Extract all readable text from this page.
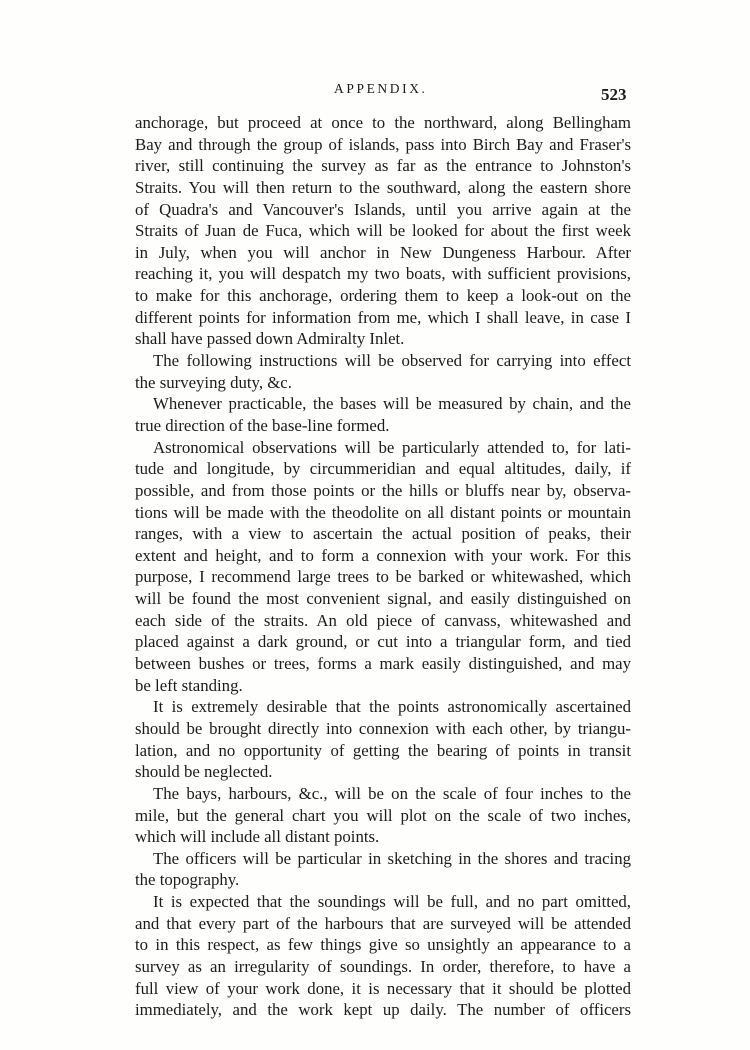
APPENDIX.	523
anchorage, but proceed at once to the northward, along Bellingham
Bay and through the group of islands, pass into Birch Bay and Fraser's
river, still continuing the survey as far as the entrance to Johnston's
Straits. You will then return to the southward, along the eastern shore
of Quadra's and Vancouver's Islands, until you arrive again at the
Straits of Juan de Fuca, which will be looked for about the first week
in July, when you will anchor in New Dungeness Harbour. After
reaching it, you will despatch my two boats, with sufficient provisions,
to make for this anchorage, ordering them to keep a look-out on the
different points for information from me, which I shall leave, in case I
shall have passed down Admiralty Inlet.
The following instructions will be observed for carrying into effect
the surveying duty, &c.
Whenever practicable, the bases will be measured by chain, and the
true direction of the base-line formed.
Astronomical observations will be particularly attended to, for lati-
tude and longitude, by circummeridian and equal altitudes, daily, if
possible, and from those points or the hills or bluffs near by, observa-
tions will be made with the theodolite on all distant points or mountain
ranges, with a view to ascertain the actual position of peaks, their
extent and height, and to form a connexion with your work. For this
purpose, I recommend large trees to be barked or whitewashed, which
will be found the most convenient signal, and easily distinguished on
each side of the straits. An old piece of canvass, whitewashed and
placed against a dark ground, or cut into a triangular form, and tied
between bushes or trees, forms a mark easily distinguished, and may
be left standing.
It is extremely desirable that the points astronomically ascertained
should be brought directly into connexion with each other, by triangu-
lation, and no opportunity of getting the bearing of points in transit
should be neglected.
The bays, harbours, &c., will be on the scale of four inches to the
mile, but the general chart you will plot on the scale of two inches,
which will include all distant points.
The officers will be particular in sketching in the shores and tracing
the topography.
It is expected that the soundings will be full, and no part omitted,
and that every part of the harbours that are surveyed will be attended
to in this respect, as few things give so unsightly an appearance to a
survey as an irregularity of soundings. In order, therefore, to have a
full view of your work done, it is necessary that it should be plotted
immediately, and the work kept up daily. The number of officers
